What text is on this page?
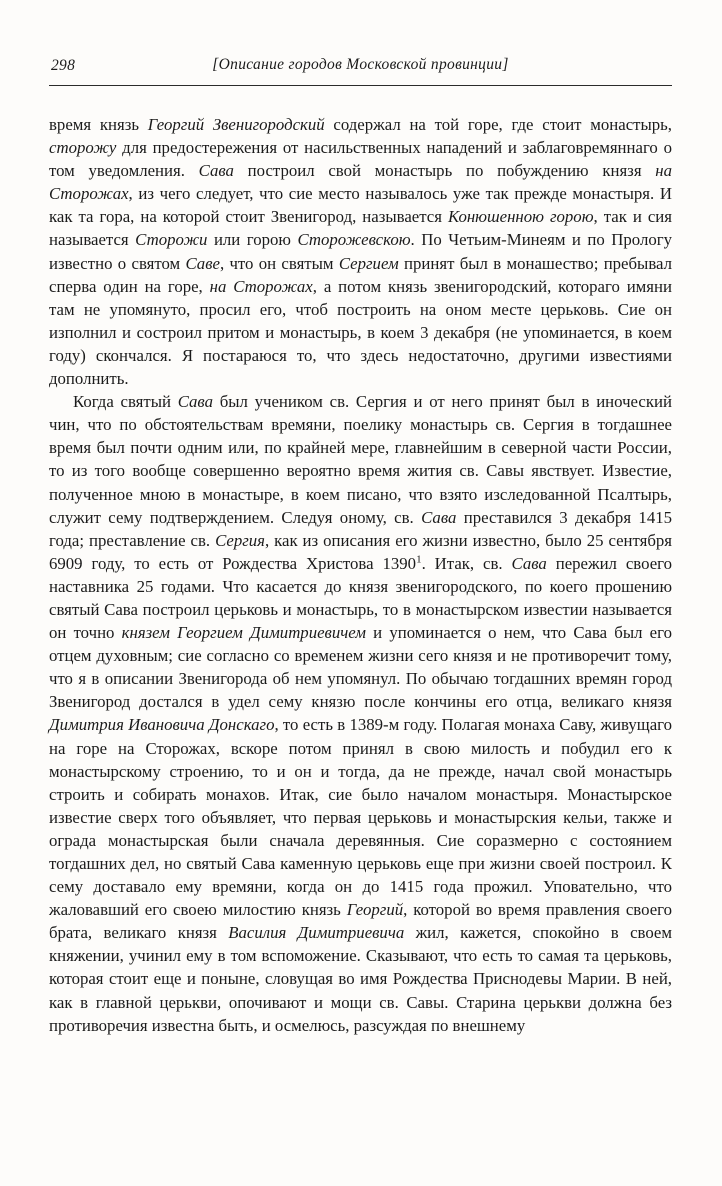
298	[Описание городов Московской провинции]

время князь Георгий Звенигородский содержал на той горе, где стоит монастырь, сторожу для предостережения от насильственных нападений и заблаговремяннаго о том уведомления. Сава построил свой монастырь по побуждению князя на Сторожах, из чего следует, что сие место называлось уже так прежде монастыря. И как та гора, на которой стоит Звенигород, называется Конюшенною горою, так и сия называется Сторожи или горою Сторожевскою. По Четьим-Минеям и по Прологу известно о святом Саве, что он святым Сергием принят был в монашество; пребывал сперва один на горе, на Сторожах, а потом князь звенигородский, котораго имяни там не упомянуто, просил его, чтоб построить на оном месте церьковь. Сие он изполнил и состроил притом и монастырь, в коем 3 декабря (не упоминается, в коем году) скончался. Я постараюся то, что здесь недостаточно, другими известиями дополнить.

Когда святый Сава был учеником св. Сергия и от него принят был в иноческий чин, что по обстоятельствам времяни, поелику монастырь св. Сергия в тогдашнее время был почти одним или, по крайней мере, главнейшим в северной части России, то из того вообще совершенно вероятно время жития св. Савы явствует. Известие, полученное мною в монастыре, в коем писано, что взято изследованной Псалтырь, служит сему подтверждением. Следуя оному, св. Сава преставился 3 декабря 1415 года; преставление св. Сергия, как из описания его жизни известно, было 25 сентября 6909 году, то есть от Рождества Христова 1390$^1$. Итак, св. Сава пережил своего наставника 25 годами. Что касается до князя звенигородского, по коего прошению святый Сава построил церьковь и монастырь, то в монастырском известии называется он точно князем Георгием Димитриевичем и упоминается о нем, что Сава был его отцем духовным; сие согласно со временем жизни сего князя и не противоречит тому, что я в описании Звенигорода об нем упомянул. По обычаю тогдашних времян город Звенигород достался в удел сему князю после кончины его отца, великаго князя Димитрия Ивановича Донскаго, то есть в 1389-м году. Полагая монаха Саву, живущаго на горе на Сторожах, вскоре потом принял в свою милость и побудил его к монастырскому строению, то и он и тогда, да не прежде, начал свой монастырь строить и собирать монахов. Итак, сие было началом монастыря. Монастырское известие сверх того объявляет, что первая церьковь и монастырския кельи, также и ограда монастырская были сначала деревянныя. Сие соразмерно с состоянием тогдашних дел, но святый Сава каменную церьковь еще при жизни своей построил. К сему доставало ему времяни, когда он до 1415 года прожил. Уповательно, что жаловавший его своею милостию князь Георгий, которой во время правления своего брата, великаго князя Василия Димитриевича жил, кажется, спокойно в своем княжении, учинил ему в том вспоможение. Сказывают, что есть то самая та церьковь, которая стоит еще и поныне, словущая во имя Рождества Приснодевы Марии. В ней, как в главной церькви, опочивают и мощи св. Савы. Старина церькви должна без противоречия известна быть, и осмелюсь, разсуждая по внешнему
